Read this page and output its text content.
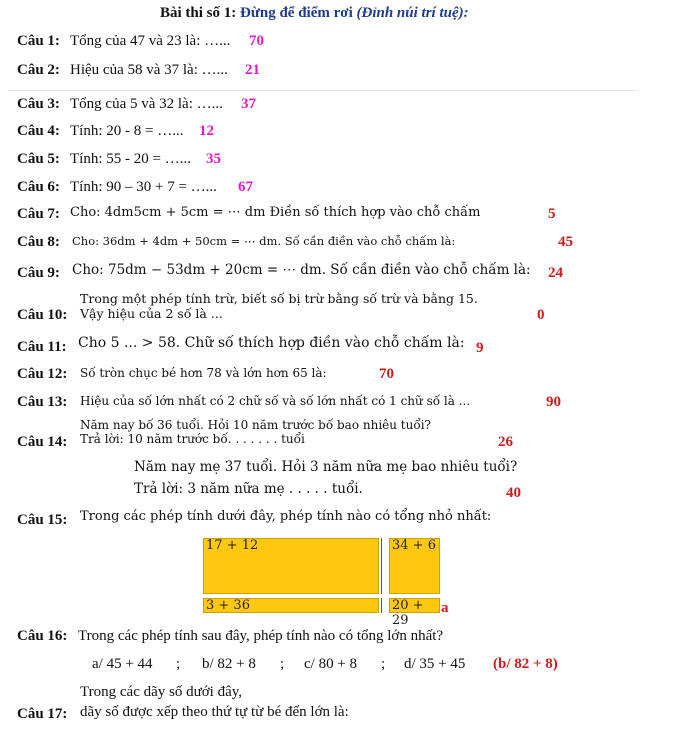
Bài thi số 1: Đừng để điểm rơi (Đỉnh núi trí tuệ):
Câu 1: Tổng của 47 và 23 là: …... 70
Câu 2: Hiệu của 58 và 37 là: …... 21
Câu 3: Tổng của 5 và 32 là: …... 37
Câu 4: Tính: 20 - 8 = …... 12
Câu 5: Tính: 55 - 20 = …... 35
Câu 6: Tính: 90 – 30 + 7 = …... 67
Câu 7: Cho: 4dm5cm + 5cm = ⋯ dm Điền số thích hợp vào chỗ chấm	5
Câu 8: Cho: 36dm + 4dm + 50cm = ⋯ dm. Số cần điền vào chỗ chấm là:	45
Câu 9: Cho: 75dm − 53dm + 20cm = ⋯ dm. Số cần điền vào chỗ chấm là: 24
Trong một phép tính trừ, biết số bị trừ bằng số trừ và bằng 15.
Câu 10: Vậy hiệu của 2 số là ...	0
Câu 11: Cho 5 ... > 58. Chữ số thích hợp điền vào chỗ chấm là: 9
Câu 12: Số tròn chục bé hơn 78 và lớn hơn 65 là:	70
Câu 13: Hiệu của số lớn nhất có 2 chữ số và số lớn nhất có 1 chữ số là ...	90
Năm nay bố 36 tuổi. Hỏi 10 năm trước bố bao nhiêu tuổi?
Câu 14: Trả lời: 10 năm trước bố. . . . . . . tuổi	26
Năm nay mẹ 37 tuổi. Hỏi 3 năm nữa mẹ bao nhiêu tuổi?
Trả lời: 3 năm nữa mẹ . . . . . tuổi.	40
Câu 15: Trong các phép tính dưới đây, phép tính nào có tổng nhỏ nhất:
17 + 12	34 + 6
3 + 36	20 + 29
a
Câu 16: Trong các phép tính sau đây, phép tính nào có tổng lớn nhất?
a/ 45 + 44 ; b/ 82 + 8 ; c/ 80 + 8 ; d/ 35 + 45 (b/ 82 + 8)
Trong các dãy số dưới đây,
Câu 17: dãy số được xếp theo thứ tự từ bé đến lớn là:
